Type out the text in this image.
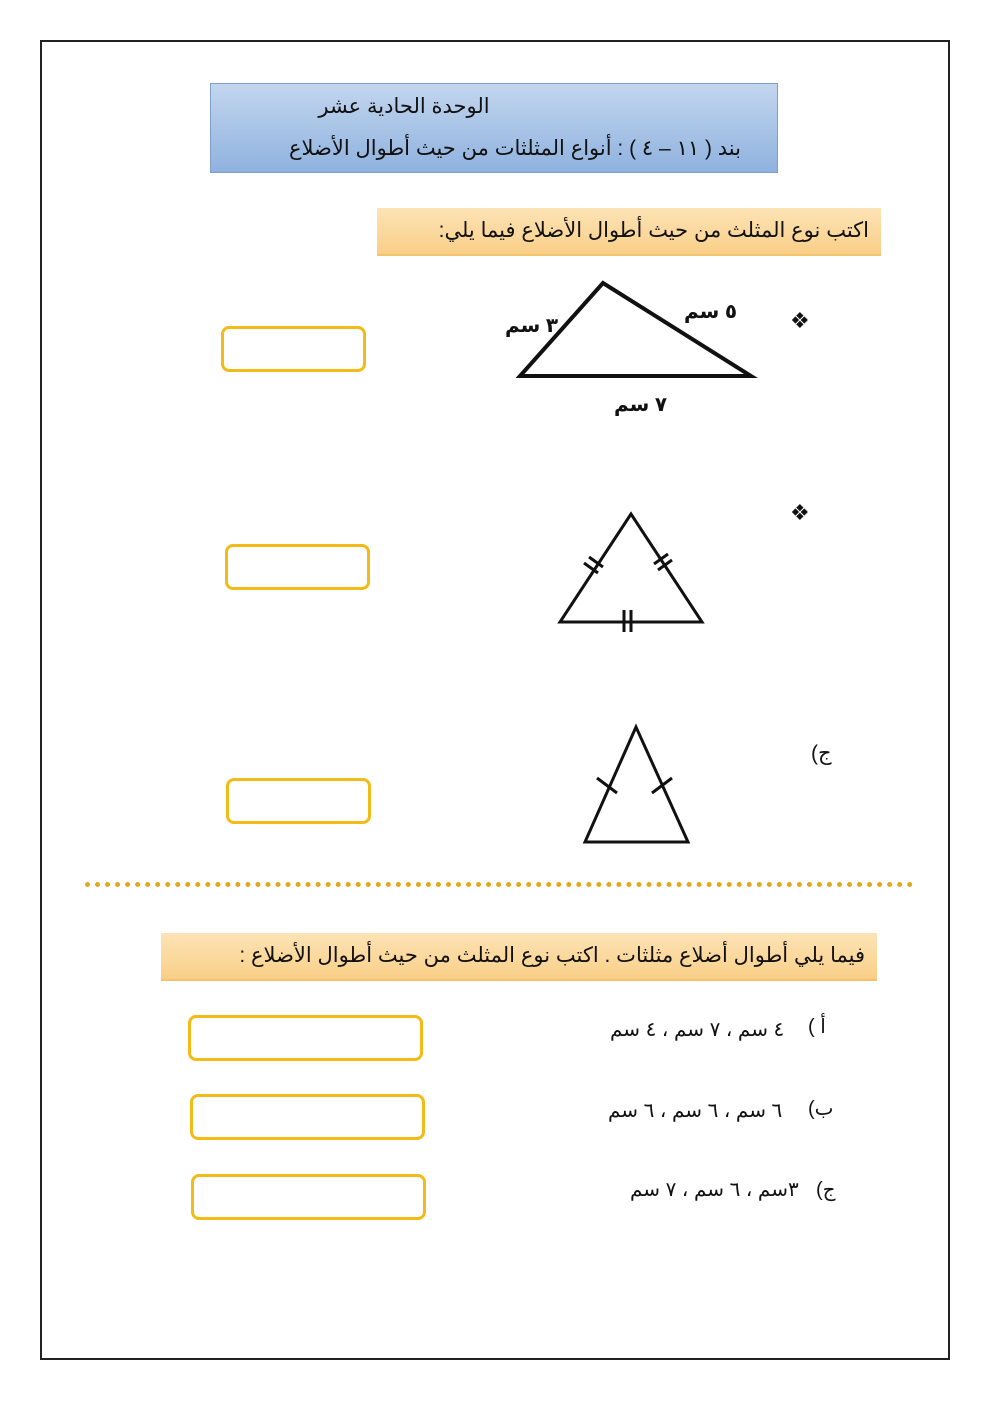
الوحدة الحادية عشر
بند ( ١١ – ٤ ) : أنواع المثلثات من حيث أطوال الأضلاع
اكتب نوع المثلث من حيث أطوال الأضلاع فيما يلي:
❖
٣ سم
٥ سم
٧ سم
❖
ج)
فيما يلي أطوال أضلاع مثلثات . اكتب نوع المثلث من حيث أطوال الأضلاع :
أ )
٤ سم ، ٧ سم ، ٤ سم
ب)
٦ سم ، ٦ سم ، ٦ سم
ج)
٣سم ، ٦ سم ، ٧ سم
